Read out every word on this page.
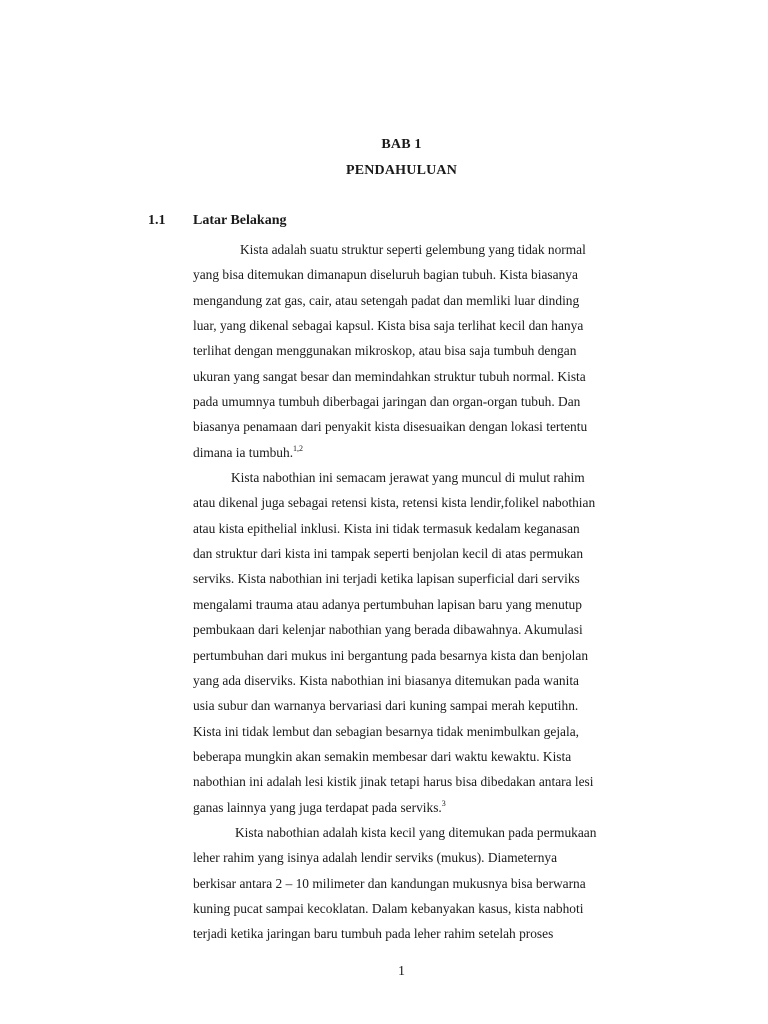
BAB 1
PENDAHULUAN
1.1 Latar Belakang
Kista adalah suatu struktur seperti gelembung yang tidak normal
yang bisa ditemukan dimanapun diseluruh bagian tubuh. Kista biasanya
mengandung zat gas, cair, atau setengah padat dan memliki luar dinding
luar, yang dikenal sebagai kapsul. Kista bisa saja terlihat kecil dan hanya
terlihat dengan menggunakan mikroskop, atau bisa saja tumbuh dengan
ukuran yang sangat besar dan memindahkan struktur tubuh normal. Kista
pada umumnya tumbuh diberbagai jaringan dan organ-organ tubuh. Dan
biasanya penamaan dari penyakit kista disesuaikan dengan lokasi tertentu
dimana ia tumbuh.$^{1,2}$
Kista nabothian ini semacam jerawat yang muncul di mulut rahim
atau dikenal juga sebagai retensi kista, retensi kista lendir,folikel nabothian
atau kista epithelial inklusi. Kista ini tidak termasuk kedalam keganasan
dan struktur dari kista ini tampak seperti benjolan kecil di atas permukan
serviks. Kista nabothian ini terjadi ketika lapisan superficial dari serviks
mengalami trauma atau adanya pertumbuhan lapisan baru yang menutup
pembukaan dari kelenjar nabothian yang berada dibawahnya. Akumulasi
pertumbuhan dari mukus ini bergantung pada besarnya kista dan benjolan
yang ada diserviks. Kista nabothian ini biasanya ditemukan pada wanita
usia subur dan warnanya bervariasi dari kuning sampai merah keputihn.
Kista ini tidak lembut dan sebagian besarnya tidak menimbulkan gejala,
beberapa mungkin akan semakin membesar dari waktu kewaktu. Kista
nabothian ini adalah lesi kistik jinak tetapi harus bisa dibedakan antara lesi
ganas lainnya yang juga terdapat pada serviks.$^3$
Kista nabothian adalah kista kecil yang ditemukan pada permukaan
leher rahim yang isinya adalah lendir serviks (mukus). Diameternya
berkisar antara 2 – 10 milimeter dan kandungan mukusnya bisa berwarna
kuning pucat sampai kecoklatan. Dalam kebanyakan kasus, kista nabhoti
terjadi ketika jaringan baru tumbuh pada leher rahim setelah proses
1
